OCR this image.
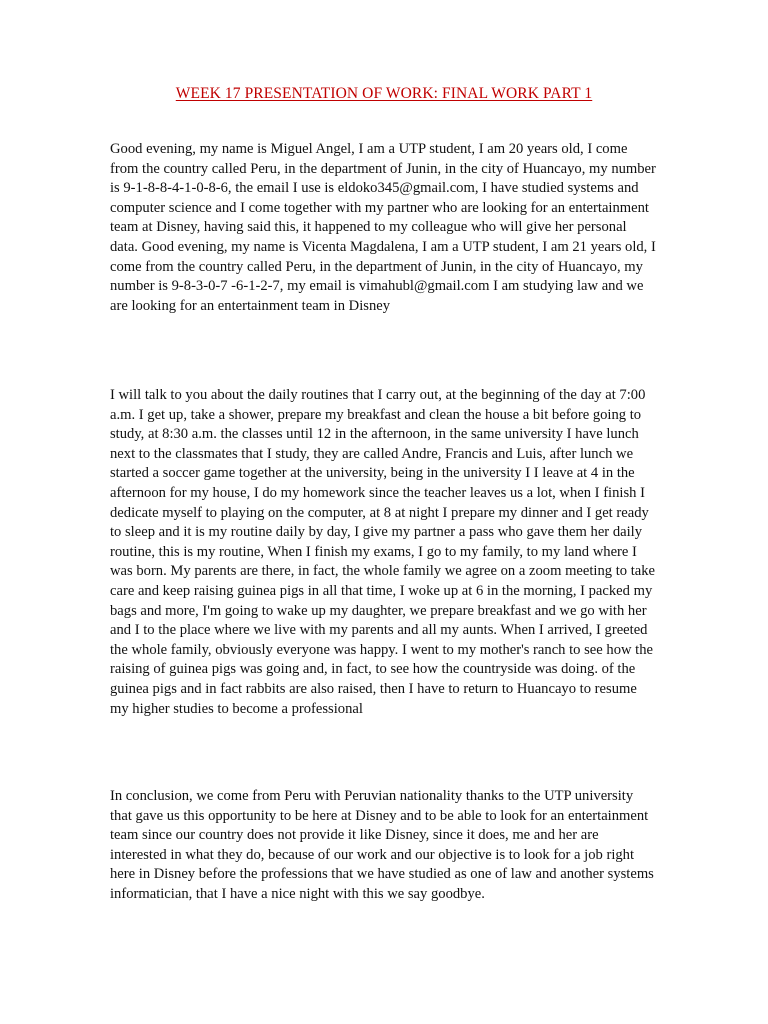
WEEK 17 PRESENTATION OF WORK: FINAL WORK PART 1

Good evening, my name is Miguel Angel, I am a UTP student, I am 20 years old, I come from the country called Peru, in the department of Junin, in the city of Huancayo, my number is 9-1-8-8-4-1-0-8-6, the email I use is eldoko345@gmail.com, I have studied systems and computer science and I come together with my partner who are looking for an entertainment team at Disney, having said this, it happened to my colleague who will give her personal data. Good evening, my name is Vicenta Magdalena, I am a UTP student, I am 21 years old, I come from the country called Peru, in the department of Junin, in the city of Huancayo, my number is 9-8-3-0-7 -6-1-2-7, my email is vimahubl@gmail.com I am studying law and we are looking for an entertainment team in Disney

I will talk to you about the daily routines that I carry out, at the beginning of the day at 7:00 a.m. I get up, take a shower, prepare my breakfast and clean the house a bit before going to study, at 8:30 a.m. the classes until 12 in the afternoon, in the same university I have lunch next to the classmates that I study, they are called Andre, Francis and Luis, after lunch we started a soccer game together at the university, being in the university I I leave at 4 in the afternoon for my house, I do my homework since the teacher leaves us a lot, when I finish I dedicate myself to playing on the computer, at 8 at night I prepare my dinner and I get ready to sleep and it is my routine daily by day, I give my partner a pass who gave them her daily routine, this is my routine, When I finish my exams, I go to my family, to my land where I was born. My parents are there, in fact, the whole family we agree on a zoom meeting to take care and keep raising guinea pigs in all that time, I woke up at 6 in the morning, I packed my bags and more, I'm going to wake up my daughter, we prepare breakfast and we go with her and I to the place where we live with my parents and all my aunts. When I arrived, I greeted the whole family, obviously everyone was happy. I went to my mother's ranch to see how the raising of guinea pigs was going and, in fact, to see how the countryside was doing. of the guinea pigs and in fact rabbits are also raised, then I have to return to Huancayo to resume my higher studies to become a professional

In conclusion, we come from Peru with Peruvian nationality thanks to the UTP university that gave us this opportunity to be here at Disney and to be able to look for an entertainment team since our country does not provide it like Disney, since it does, me and her are interested in what they do, because of our work and our objective is to look for a job right here in Disney before the professions that we have studied as one of law and another systems informatician, that I have a nice night with this we say goodbye.
